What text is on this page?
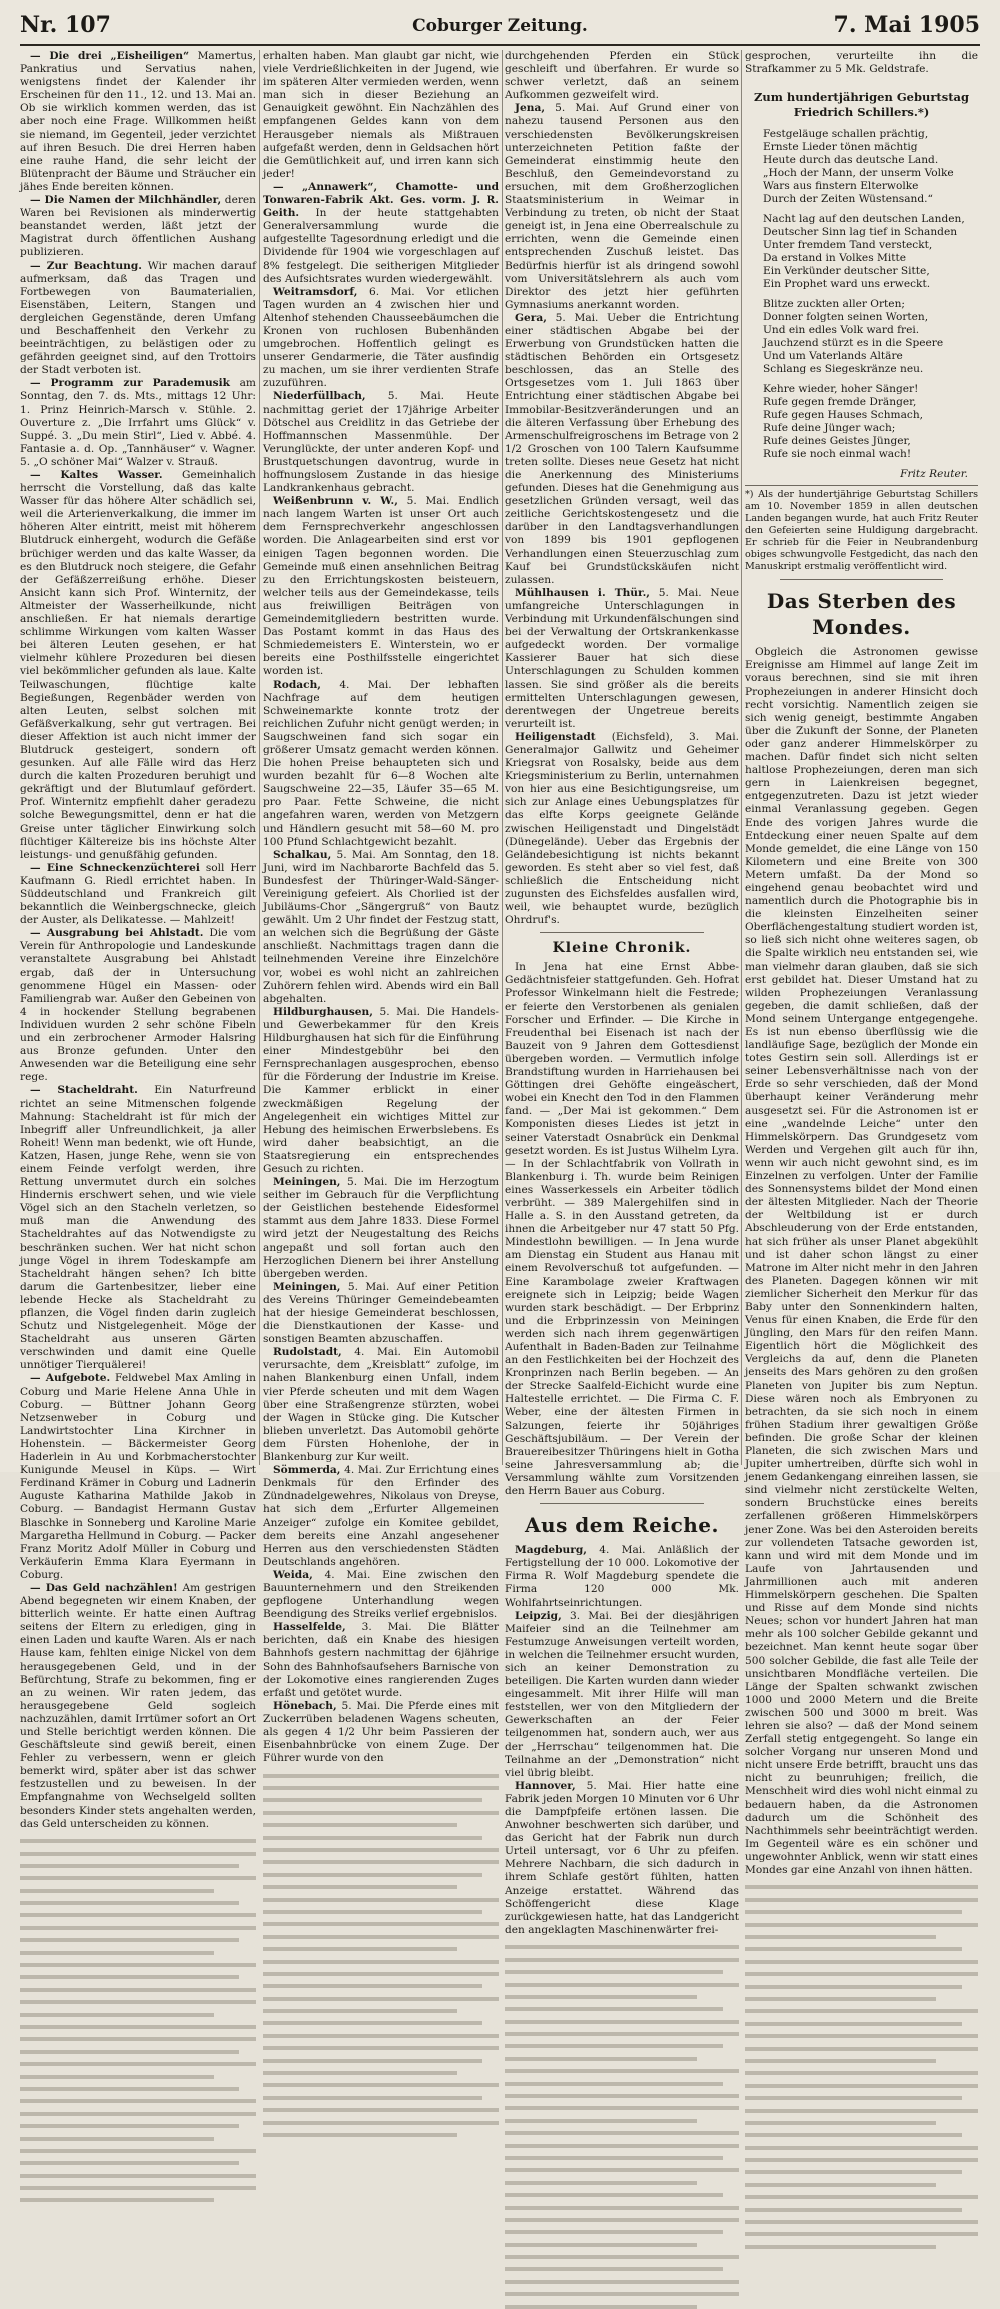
Nr. 107	Coburger Zeitung.	7. Mai 1905

— Die drei „Eisheiligen“ Mamertus, Pankratius und Servatius nahen, wenigstens findet der Kalender ihr Erscheinen für den 11., 12. und 13. Mai an. Ob sie wirklich kommen werden, das ist aber noch eine Frage. Willkommen heißt sie niemand, im Gegenteil, jeder verzichtet auf ihren Besuch. Die drei Herren haben eine rauhe Hand, die sehr leicht der Blütenpracht der Bäume und Sträucher ein jähes Ende bereiten können.

— Die Namen der Milchhändler, deren Waren bei Revisionen als minderwertig beanstandet werden, läßt jetzt der Magistrat durch öffentlichen Aushang publizieren.

— Zur Beachtung. Wir machen darauf aufmerksam, daß das Tragen und Fortbewegen von Baumaterialien, Eisenstäben, Leitern, Stangen und dergleichen Gegenstände, deren Umfang und Beschaffenheit den Verkehr zu beeinträchtigen, zu belästigen oder zu gefährden geeignet sind, auf den Trottoirs der Stadt verboten ist.

— Programm zur Parademusik am Sonntag, den 7. ds. Mts., mittags 12 Uhr: 1. Prinz Heinrich-Marsch v. Stühle. 2. Ouverture z. „Die Irrfahrt ums Glück“ v. Suppé. 3. „Du mein Stirl“, Lied v. Abbé. 4. Fantasie a. d. Op. „Tannhäuser“ v. Wagner. 5. „O schöner Mai“ Walzer v. Strauß.

— Kaltes Wasser. Gemeinhalich herrscht die Vorstellung, daß das kalte Wasser für das höhere Alter schädlich sei, weil die Arterienverkalkung, die immer im höheren Alter eintritt, meist mit höherem Blutdruck einhergeht, wodurch die Gefäße brüchiger werden und das kalte Wasser, da es den Blutdruck noch steigere, die Gefahr der Gefäßzerreißung erhöhe. Dieser Ansicht kann sich Prof. Winternitz, der Altmeister der Wasserheilkunde, nicht anschließen. Er hat niemals derartige schlimme Wirkungen vom kalten Wasser bei älteren Leuten gesehen, er hat vielmehr kühlere Prozeduren bei diesen viel bekömmlicher gefunden als laue. Kalte Teilwaschungen, flüchtige kalte Begießungen, Regenbäder werden von alten Leuten, selbst solchen mit Gefäßverkalkung, sehr gut vertragen. Bei dieser Affektion ist auch nicht immer der Blutdruck gesteigert, sondern oft gesunken. Auf alle Fälle wird das Herz durch die kalten Prozeduren beruhigt und gekräftigt und der Blutumlauf gefördert. Prof. Winternitz empfiehlt daher geradezu solche Bewegungsmittel, denn er hat die Greise unter täglicher Einwirkung solch flüchtiger Kältereize bis ins höchste Alter leistungs- und genußfähig gefunden.

— Eine Schneckenzüchterei soll Herr Kaufmann G. Riedl errichtet haben. In Süddeutschland und Frankreich gilt bekanntlich die Weinbergschnecke, gleich der Auster, als Delikatesse. — Mahlzeit!

— Ausgrabung bei Ahlstadt. Die vom Verein für Anthropologie und Landeskunde veranstaltete Ausgrabung bei Ahlstadt ergab, daß der in Untersuchung genommene Hügel ein Massen- oder Familiengrab war. Außer den Gebeinen von 4 in hockender Stellung begrabenen Individuen wurden 2 sehr schöne Fibeln und ein zerbrochener Armoder Halsring aus Bronze gefunden. Unter den Anwesenden war die Beteiligung eine sehr rege.

— Stacheldraht. Ein Naturfreund richtet an seine Mitmenschen folgende Mahnung: Stacheldraht ist für mich der Inbegriff aller Unfreundlichkeit, ja aller Roheit! Wenn man bedenkt, wie oft Hunde, Katzen, Hasen, junge Rehe, wenn sie von einem Feinde verfolgt werden, ihre Rettung unvermutet durch ein solches Hindernis erschwert sehen, und wie viele Vögel sich an den Stacheln verletzen, so muß man die Anwendung des Stacheldrahtes auf das Notwendigste zu beschränken suchen. Wer hat nicht schon junge Vögel in ihrem Todeskampfe am Stacheldraht hängen sehen? Ich bitte darum die Gartenbesitzer, lieber eine lebende Hecke als Stacheldraht zu pflanzen, die Vögel finden darin zugleich Schutz und Nistgelegenheit. Möge der Stacheldraht aus unseren Gärten verschwinden und damit eine Quelle unnötiger Tierquälerei!

— Aufgebote. Feldwebel Max Amling in Coburg und Marie Helene Anna Uhle in Coburg. — Büttner Johann Georg Netzsenweber in Coburg und Landwirtstochter Lina Kirchner in Hohenstein. — Bäckermeister Georg Haderlein in Au und Korbmacherstochter Kunigunde Meusel in Küps. — Wirt Ferdinand Krämer in Coburg und Ladnerin Auguste Katharina Mathilde Jakob in Coburg. — Bandagist Hermann Gustav Blaschke in Sonneberg und Karoline Marie Margaretha Hellmund in Coburg. — Packer Franz Moritz Adolf Müller in Coburg und Verkäuferin Emma Klara Eyermann in Coburg.

— Das Geld nachzählen! Am gestrigen Abend begegneten wir einem Knaben, der bitterlich weinte. Er hatte einen Auftrag seitens der Eltern zu erledigen, ging in einen Laden und kaufte Waren. Als er nach Hause kam, fehlten einige Nickel von dem herausgegebenen Geld, und in der Befürchtung, Strafe zu bekommen, fing er an zu weinen. Wir raten jedem, das herausgegebene Geld sogleich nachzuzählen, damit Irrtümer sofort an Ort und Stelle berichtigt werden können. Die Geschäftsleute sind gewiß bereit, einen Fehler zu verbessern, wenn er gleich bemerkt wird, später aber ist das schwer festzustellen und zu beweisen. In der Empfangnahme von Wechselgeld sollten besonders Kinder stets angehalten werden, das Geld unterscheiden zu können.

erhalten haben. Man glaubt gar nicht, wie viele Verdrießlichkeiten in der Jugend, wie im späteren Alter vermieden werden, wenn man sich in dieser Beziehung an Genauigkeit gewöhnt. Ein Nachzählen des empfangenen Geldes kann von dem Herausgeber niemals als Mißtrauen aufgefaßt werden, denn in Geldsachen hört die Gemütlichkeit auf, und irren kann sich jeder!

— „Annawerk“, Chamotte- und Tonwaren-Fabrik Akt. Ges. vorm. J. R. Geith. In der heute stattgehabten Generalversammlung wurde die aufgestellte Tagesordnung erledigt und die Dividende für 1904 wie vorgeschlagen auf 8% festgelegt. Die seitherigen Mitglieder des Aufsichtsrates wurden wiedergewählt.

Weitramsdorf, 6. Mai. Vor etlichen Tagen wurden an 4 zwischen hier und Altenhof stehenden Chausseebäumchen die Kronen von ruchlosen Bubenhänden umgebrochen. Hoffentlich gelingt es unserer Gendarmerie, die Täter ausfindig zu machen, um sie ihrer verdienten Strafe zuzuführen.

Niederfüllbach, 5. Mai. Heute nachmittag geriet der 17jährige Arbeiter Dötschel aus Creidlitz in das Getriebe der Hoffmannschen Massenmühle. Der Verunglückte, der unter anderen Kopf- und Brustquetschungen davontrug, wurde in hoffnungslosem Zustande in das hiesige Landkrankenhaus gebracht.

Weißenbrunn v. W., 5. Mai. Endlich nach langem Warten ist unser Ort auch dem Fernsprechverkehr angeschlossen worden. Die Anlagearbeiten sind erst vor einigen Tagen begonnen worden. Die Gemeinde muß einen ansehnlichen Beitrag zu den Errichtungskosten beisteuern, welcher teils aus der Gemeindekasse, teils aus freiwilligen Beiträgen von Gemeindemitgliedern bestritten wurde. Das Postamt kommt in das Haus des Schmiedemeisters E. Winterstein, wo er bereits eine Posthilfsstelle eingerichtet worden ist.

Rodach, 4. Mai. Der lebhaften Nachfrage auf dem heutigen Schweinemarkte konnte trotz der reichlichen Zufuhr nicht genügt werden; in Saugschweinen fand sich sogar ein größerer Umsatz gemacht werden können. Die hohen Preise behaupteten sich und wurden bezahlt für 6—8 Wochen alte Saugschweine 22—35, Läufer 35—65 M. pro Paar. Fette Schweine, die nicht angefahren waren, werden von Metzgern und Händlern gesucht mit 58—60 M. pro 100 Pfund Schlachtgewicht bezahlt.

Schalkau, 5. Mai. Am Sonntag, den 18. Juni, wird im Nachbarorte Bachfeld das 5. Bundesfest der Thüringer-Wald-Sänger-Vereinigung gefeiert. Als Chorlied ist der Jubiläums-Chor „Sängergruß“ von Bautz gewählt. Um 2 Uhr findet der Festzug statt, an welchen sich die Begrüßung der Gäste anschließt. Nachmittags tragen dann die teilnehmenden Vereine ihre Einzelchöre vor, wobei es wohl nicht an zahlreichen Zuhörern fehlen wird. Abends wird ein Ball abgehalten.

Hildburghausen, 5. Mai. Die Handels- und Gewerbekammer für den Kreis Hildburghausen hat sich für die Einführung einer Mindestgebühr bei den Fernsprechanlagen ausgesprochen, ebenso für die Förderung der Industrie im Kreise. Die Kammer erblickt in einer zweckmäßigen Regelung der Angelegenheit ein wichtiges Mittel zur Hebung des heimischen Erwerbslebens. Es wird daher beabsichtigt, an die Staatsregierung ein entsprechendes Gesuch zu richten.

Meiningen, 5. Mai. Die im Herzogtum seither im Gebrauch für die Verpflichtung der Geistlichen bestehende Eidesformel stammt aus dem Jahre 1833. Diese Formel wird jetzt der Neugestaltung des Reichs angepaßt und soll fortan auch den Herzoglichen Dienern bei ihrer Anstellung übergeben werden.

Meiningen, 5. Mai. Auf einer Petition des Vereins Thüringer Gemeindebeamten hat der hiesige Gemeinderat beschlossen, die Dienstkautionen der Kasse- und sonstigen Beamten abzuschaffen.

Rudolstadt, 4. Mai. Ein Automobil verursachte, dem „Kreisblatt“ zufolge, im nahen Blankenburg einen Unfall, indem vier Pferde scheuten und mit dem Wagen über eine Straßengrenze stürzten, wobei der Wagen in Stücke ging. Die Kutscher blieben unverletzt. Das Automobil gehörte dem Fürsten Hohenlohe, der in Blankenburg zur Kur weilt.

Sömmerda, 4. Mai. Zur Errichtung eines Denkmals für den Erfinder des Zündnadelgewehres, Nikolaus von Dreyse, hat sich dem „Erfurter Allgemeinen Anzeiger“ zufolge ein Komitee gebildet, dem bereits eine Anzahl angesehener Herren aus den verschiedensten Städten Deutschlands angehören.

Weida, 4. Mai. Eine zwischen den Bauunternehmern und den Streikenden gepflogene Unterhandlung wegen Beendigung des Streiks verlief ergebnislos.

Hasselfelde, 3. Mai. Die Blätter berichten, daß ein Knabe des hiesigen Bahnhofs gestern nachmittag der 6jährige Sohn des Bahnhofsaufsehers Barnische von der Lokomotive eines rangierenden Zuges erfaßt und getötet wurde.

Hönebach, 5. Mai. Die Pferde eines mit Zuckerrüben beladenen Wagens scheuten, als gegen 4 1/2 Uhr beim Passieren der Eisenbahnbrücke von einem Zuge. Der Führer wurde von den

durchgehenden Pferden ein Stück geschleift und überfahren. Er wurde so schwer verletzt, daß an seinem Aufkommen gezweifelt wird.

Jena, 5. Mai. Auf Grund einer von nahezu tausend Personen aus den verschiedensten Bevölkerungskreisen unterzeichneten Petition faßte der Gemeinderat einstimmig heute den Beschluß, den Gemeindevorstand zu ersuchen, mit dem Großherzoglichen Staatsministerium in Weimar in Verbindung zu treten, ob nicht der Staat geneigt ist, in Jena eine Oberrealschule zu errichten, wenn die Gemeinde einen entsprechenden Zuschuß leistet. Das Bedürfnis hierfür ist als dringend sowohl vom Universitätslehrern als auch vom Direktor des jetzt hier geführten Gymnasiums anerkannt worden.

Gera, 5. Mai. Ueber die Entrichtung einer städtischen Abgabe bei der Erwerbung von Grundstücken hatten die städtischen Behörden ein Ortsgesetz beschlossen, das an Stelle des Ortsgesetzes vom 1. Juli 1863 über Entrichtung einer städtischen Abgabe bei Immobilar-Besitzveränderungen und an die älteren Verfassung über Erhebung des Armenschulfreigroschens im Betrage von 2 1/2 Groschen von 100 Talern Kaufsumme treten sollte. Dieses neue Gesetz hat nicht die Anerkennung des Ministeriums gefunden. Dieses hat die Genehmigung aus gesetzlichen Gründen versagt, weil das zeitliche Gerichtskostengesetz und die darüber in den Landtagsverhandlungen von 1899 bis 1901 gepflogenen Verhandlungen einen Steuerzuschlag zum Kauf bei Grundstückskäufen nicht zulassen.

Mühlhausen i. Thür., 5. Mai. Neue umfangreiche Unterschlagungen in Verbindung mit Urkundenfälschungen sind bei der Verwaltung der Ortskrankenkasse aufgedeckt worden. Der vormalige Kassierer Bauer hat sich diese Unterschlagungen zu Schulden kommen lassen. Sie sind größer als die bereits ermittelten Unterschlagungen gewesen, derentwegen der Ungetreue bereits verurteilt ist.

Heiligenstadt (Eichsfeld), 3. Mai. Generalmajor Gallwitz und Geheimer Kriegsrat von Rosalsky, beide aus dem Kriegsministerium zu Berlin, unternahmen von hier aus eine Besichtigungsreise, um sich zur Anlage eines Uebungsplatzes für das elfte Korps geeignete Gelände zwischen Heiligenstadt und Dingelstädt (Dünegelände). Ueber das Ergebnis der Geländebesichtigung ist nichts bekannt geworden. Es steht aber so viel fest, daß schließlich die Entscheidung nicht zugunsten des Eichsfeldes ausfallen wird, weil, wie behauptet wurde, bezüglich Ohrdruf's.

Kleine Chronik.

In Jena hat eine Ernst Abbe-Gedächtnisfeier stattgefunden. Geh. Hofrat Professor Winkelmann hielt die Festrede; er feierte den Verstorbenen als genialen Forscher und Erfinder. — Die Kirche in Freudenthal bei Eisenach ist nach der Bauzeit von 9 Jahren dem Gottesdienst übergeben worden. — Vermutlich infolge Brandstiftung wurden in Harriehausen bei Göttingen drei Gehöfte eingeäschert, wobei ein Knecht den Tod in den Flammen fand. — „Der Mai ist gekommen.“ Dem Komponisten dieses Liedes ist jetzt in seiner Vaterstadt Osnabrück ein Denkmal gesetzt worden. Es ist Justus Wilhelm Lyra. — In der Schlachtfabrik von Vollrath in Blankenburg i. Th. wurde beim Reinigen eines Wasserkessels ein Arbeiter tödlich verbrüht. — 389 Malergehilfen sind in Halle a. S. in den Ausstand getreten, da ihnen die Arbeitgeber nur 47 statt 50 Pfg. Mindestlohn bewilligen. — In Jena wurde am Dienstag ein Student aus Hanau mit einem Revolverschuß tot aufgefunden. — Eine Karambolage zweier Kraftwagen ereignete sich in Leipzig; beide Wagen wurden stark beschädigt. — Der Erbprinz und die Erbprinzessin von Meiningen werden sich nach ihrem gegenwärtigen Aufenthalt in Baden-Baden zur Teilnahme an den Festlichkeiten bei der Hochzeit des Kronprinzen nach Berlin begeben. — An der Strecke Saalfeld-Eichicht wurde eine Haltestelle errichtet. — Die Firma C. F. Weber, eine der ältesten Firmen in Salzungen, feierte ihr 50jähriges Geschäftsjubiläum. — Der Verein der Brauereibesitzer Thüringens hielt in Gotha seine Jahresversammlung ab; die Versammlung wählte zum Vorsitzenden den Herrn Bauer aus Coburg.

Aus dem Reiche.

Magdeburg, 4. Mai. Anläßlich der Fertigstellung der 10 000. Lokomotive der Firma R. Wolf Magdeburg spendete die Firma 120 000 Mk. Wohlfahrtseinrichtungen.

Leipzig, 3. Mai. Bei der diesjährigen Maifeier sind an die Teilnehmer am Festumzuge Anweisungen verteilt worden, in welchen die Teilnehmer ersucht wurden, sich an keiner Demonstration zu beteiligen. Die Karten wurden dann wieder eingesammelt. Mit ihrer Hilfe will man feststellen, wer von den Mitgliedern der Gewerkschaften an der Feier teilgenommen hat, sondern auch, wer aus der „Herrschau“ teilgenommen hat. Die Teilnahme an der „Demonstration“ nicht viel übrig bleibt.

Hannover, 5. Mai. Hier hatte eine Fabrik jeden Morgen 10 Minuten vor 6 Uhr die Dampfpfeife ertönen lassen. Die Anwohner beschwerten sich darüber, und das Gericht hat der Fabrik nun durch Urteil untersagt, vor 6 Uhr zu pfeifen. Mehrere Nachbarn, die sich dadurch in ihrem Schlafe gestört fühlten, hatten Anzeige erstattet. Während das Schöffengericht diese Klage zurückgewiesen hatte, hat das Landgericht den angeklagten Maschinenwärter frei-

gesprochen, verurteilte ihn die Strafkammer zu 5 Mk. Geldstrafe.

Zum hundertjährigen Geburtstag Friedrich Schillers.*)
Festgeläuge schallen prächtig,
Ernste Lieder tönen mächtig
Heute durch das deutsche Land.
„Hoch der Mann, der unserm Volke
Wars aus finstern Elterwolke
Durch der Zeiten Wüstensand.“
Nacht lag auf den deutschen Landen,
Deutscher Sinn lag tief in Schanden
Unter fremdem Tand versteckt,
Da erstand in Volkes Mitte
Ein Verkünder deutscher Sitte,
Ein Prophet ward uns erweckt.
Blitze zuckten aller Orten;
Donner folgten seinen Worten,
Und ein edles Volk ward frei.
Jauchzend stürzt es in die Speere
Und um Vaterlands Altäre
Schlang es Siegeskränze neu.
Kehre wieder, hoher Sänger!
Rufe gegen fremde Dränger,
Rufe gegen Hauses Schmach,
Rufe deine Jünger wach;
Rufe deines Geistes Jünger,
Rufe sie noch einmal wach!
Fritz Reuter.
*) Als der hundertjährige Geburtstag Schillers am 10. November 1859 in allen deutschen Landen begangen wurde, hat auch Fritz Reuter den Gefeierten seine Huldigung dargebracht. Er schrieb für die Feier in Neubrandenburg obiges schwungvolle Festgedicht, das nach den Manuskript erstmalig veröffentlicht wird.
Das Sterben des Mondes.

Obgleich die Astronomen gewisse Ereignisse am Himmel auf lange Zeit im voraus berechnen, sind sie mit ihren Prophezeiungen in anderer Hinsicht doch recht vorsichtig. Namentlich zeigen sie sich wenig geneigt, bestimmte Angaben über die Zukunft der Sonne, der Planeten oder ganz anderer Himmelskörper zu machen. Dafür findet sich nicht selten haltlose Prophezeiungen, deren man sich gern in Laienkreisen begegnet, entgegenzutreten. Dazu ist jetzt wieder einmal Veranlassung gegeben. Gegen Ende des vorigen Jahres wurde die Entdeckung einer neuen Spalte auf dem Monde gemeldet, die eine Länge von 150 Kilometern und eine Breite von 300 Metern umfaßt. Da der Mond so eingehend genau beobachtet wird und namentlich durch die Photographie bis in die kleinsten Einzelheiten seiner Oberflächengestaltung studiert worden ist, so ließ sich nicht ohne weiteres sagen, ob die Spalte wirklich neu entstanden sei, wie man vielmehr daran glauben, daß sie sich erst gebildet hat. Dieser Umstand hat zu wilden Prophezeiungen Veranlassung gegeben, die damit schließen, daß der Mond seinem Untergange entgegengehe. Es ist nun ebenso überflüssig wie die landläufige Sage, bezüglich der Monde ein totes Gestirn sein soll. Allerdings ist er seiner Lebensverhältnisse nach von der Erde so sehr verschieden, daß der Mond überhaupt keiner Veränderung mehr ausgesetzt sei. Für die Astronomen ist er eine „wandelnde Leiche“ unter den Himmelskörpern. Das Grundgesetz vom Werden und Vergehen gilt auch für ihn, wenn wir auch nicht gewohnt sind, es im Einzelnen zu verfolgen. Unter der Familie des Sonnensystems bildet der Mond einen der ältesten Mitglieder. Nach der Theorie der Weltbildung ist er durch Abschleuderung von der Erde entstanden, hat sich früher als unser Planet abgekühlt und ist daher schon längst zu einer Matrone im Alter nicht mehr in den Jahren des Planeten. Dagegen können wir mit ziemlicher Sicherheit den Merkur für das Baby unter den Sonnenkindern halten, Venus für einen Knaben, die Erde für den Jüngling, den Mars für den reifen Mann. Eigentlich hört die Möglichkeit des Vergleichs da auf, denn die Planeten jenseits des Mars gehören zu den großen Planeten von Jupiter bis zum Neptun. Diese wären noch als Embryonen zu betrachten, da sie sich noch in einem frühen Stadium ihrer gewaltigen Größe befinden. Die große Schar der kleinen Planeten, die sich zwischen Mars und Jupiter umhertreiben, dürfte sich wohl in jenem Gedankengang einreihen lassen, sie sind vielmehr nicht zerstückelte Welten, sondern Bruchstücke eines bereits zerfallenen größeren Himmelskörpers jener Zone. Was bei den Asteroiden bereits zur vollendeten Tatsache geworden ist, kann und wird mit dem Monde und im Laufe von Jahrtausenden und Jahrmillionen auch mit anderen Himmelskörpern geschehen. Die Spalten und Risse auf dem Monde sind nichts Neues; schon vor hundert Jahren hat man mehr als 100 solcher Gebilde gekannt und bezeichnet. Man kennt heute sogar über 500 solcher Gebilde, die fast alle Teile der unsichtbaren Mondfläche verteilen. Die Länge der Spalten schwankt zwischen 1000 und 2000 Metern und die Breite zwischen 500 und 3000 m breit. Was lehren sie also? — daß der Mond seinem Zerfall stetig entgegengeht. So lange ein solcher Vorgang nur unseren Mond und nicht unsere Erde betrifft, braucht uns das nicht zu beunruhigen; freilich, die Menschheit wird dies wohl nicht einmal zu bedauern haben, da die Astronomen dadurch um die Schönheit des Nachthimmels sehr beeinträchtigt werden. Im Gegenteil wäre es ein schöner und ungewohnter Anblick, wenn wir statt eines Mondes gar eine Anzahl von ihnen hätten.
